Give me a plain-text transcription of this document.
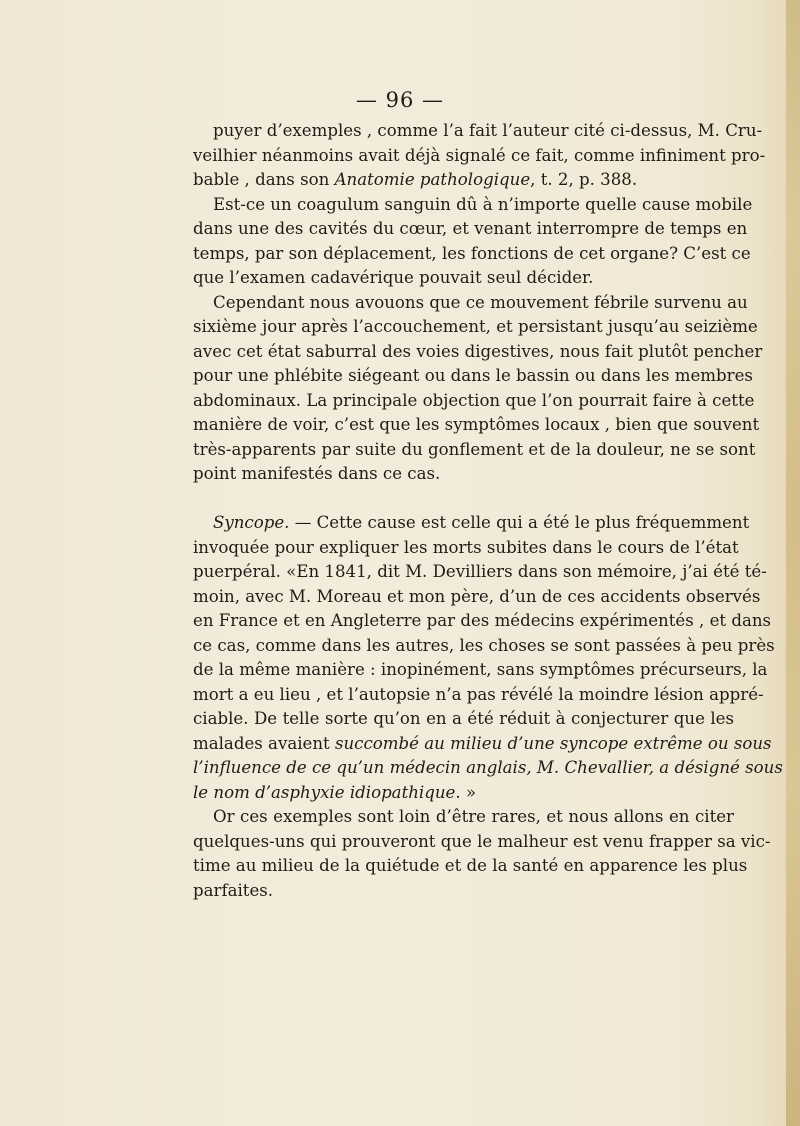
— 96 —
puyer d’exemples , comme l’a fait l’auteur cité ci-dessus, M. Cru-
veilhier néanmoins avait déjà signalé ce fait, comme infiniment pro-
bable , dans son Anatomie pathologique, t. 2, p. 388.
Est-ce un coagulum sanguin dû à n’importe quelle cause mobile
dans une des cavités du cœur, et venant interrompre de temps en
temps, par son déplacement, les fonctions de cet organe? C’est ce
que l’examen cadavérique pouvait seul décider.
Cependant nous avouons que ce mouvement fébrile survenu au
sixième jour après l’accouchement, et persistant jusqu’au seizième
avec cet état saburral des voies digestives, nous fait plutôt pencher
pour une phlébite siégeant ou dans le bassin ou dans les membres
abdominaux. La principale objection que l’on pourrait faire à cette
manière de voir, c’est que les symptômes locaux , bien que souvent
très-apparents par suite du gonflement et de la douleur, ne se sont
point manifestés dans ce cas.
Syncope. — Cette cause est celle qui a été le plus fréquemment
invoquée pour expliquer les morts subites dans le cours de l’état
puerpéral. «En 1841, dit M. Devilliers dans son mémoire, j’ai été té-
moin, avec M. Moreau et mon père, d’un de ces accidents observés
en France et en Angleterre par des médecins expérimentés , et dans
ce cas, comme dans les autres, les choses se sont passées à peu près
de la même manière : inopinément, sans symptômes précurseurs, la
mort a eu lieu , et l’autopsie n’a pas révélé la moindre lésion appré-
ciable. De telle sorte qu’on en a été réduit à conjecturer que les
malades avaient succombé au milieu d’une syncope extrême ou sous
l’influence de ce qu’un médecin anglais, M. Chevallier, a désigné sous
le nom d’asphyxie idiopathique. »
Or ces exemples sont loin d’être rares, et nous allons en citer
quelques-uns qui prouveront que le malheur est venu frapper sa vic-
time au milieu de la quiétude et de la santé en apparence les plus
parfaites.
